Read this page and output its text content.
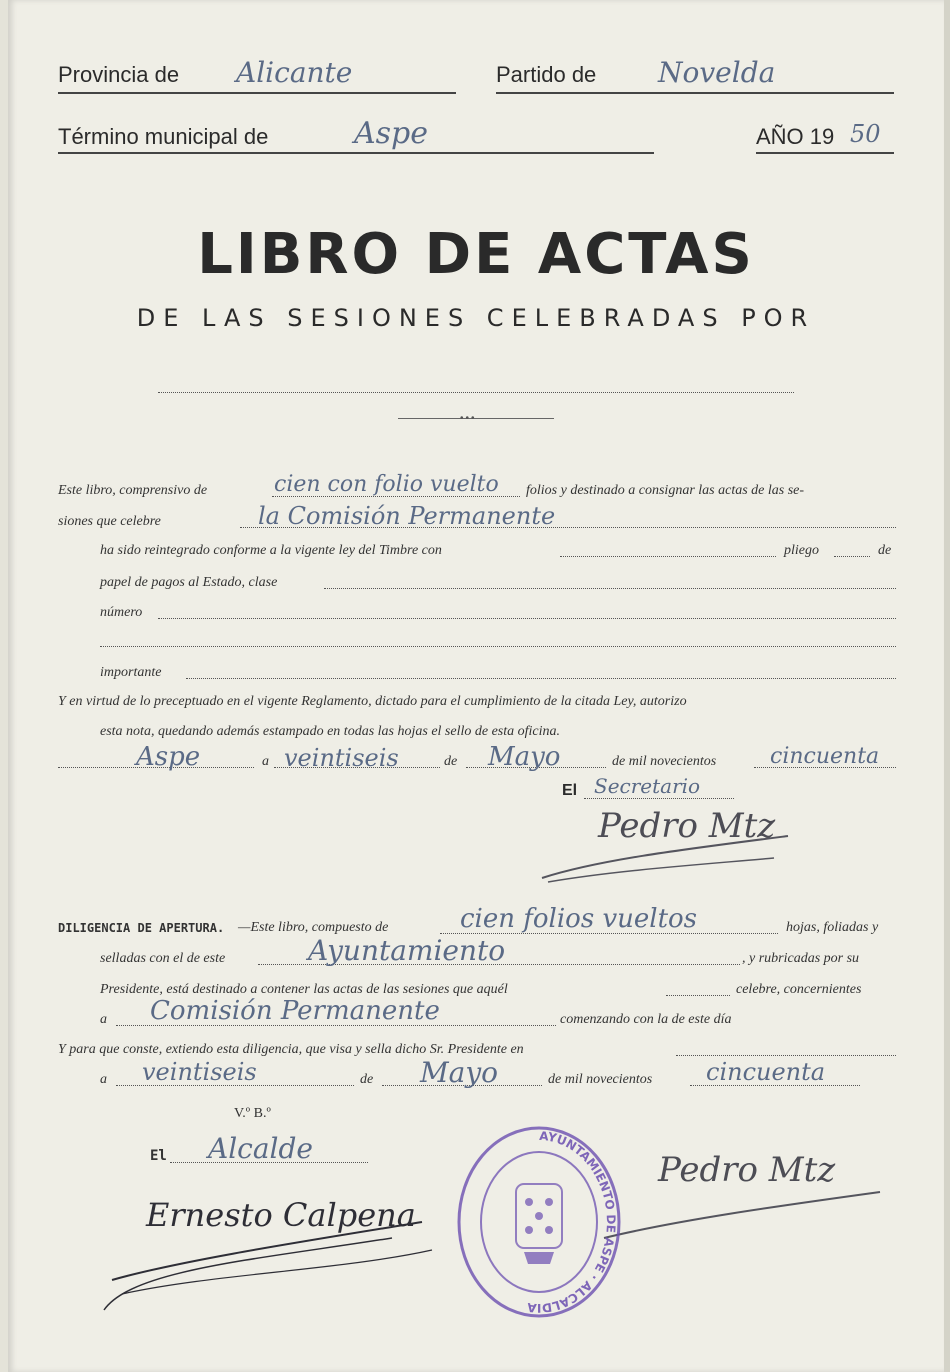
Provincia de Alicante	Partido de Novelda
Término municipal de	Aspe	AÑO 19 50
LIBRO DE ACTAS
DE LAS SESIONES CELEBRADAS POR
•••
Este libro, comprensivo de	cien con folio vuelto folios y destinado a consignar las actas de las se-
siones que celebre	la Comisión Permanente
ha sido reintegrado conforme a la vigente ley del Timbre con	pliego	de
papel de pagos al Estado, clase
número
importante
Y en virtud de lo preceptuado en el vigente Reglamento, dictado para el cumplimiento de la citada Ley, autorizo
esta nota, quedando además estampado en todas las hojas el sello de esta oficina.
Aspe	a veintiseis	de Mayo	de mil novecientos cincuenta
El Secretario
Pedro Mtz
DILIGENCIA DE APERTURA. —Este libro, compuesto de	cien folios vueltos	hojas, foliadas y
selladas con el de este	Ayuntamiento	, y rubricadas por su
Presidente, está destinado a contener las actas de las sesiones que aquél	celebre, concernientes
a Comisión Permanente	comenzando con la de este día
Y para que conste, extiendo esta diligencia, que visa y sella dicho Sr. Presidente en
a veintiseis	de Mayo	de mil novecientos cincuenta
V.º B.º
El Alcalde
Ernesto Calpena
Pedro Mtz
AYUNTAMIENTO DE ASPE · ALCALDIA
